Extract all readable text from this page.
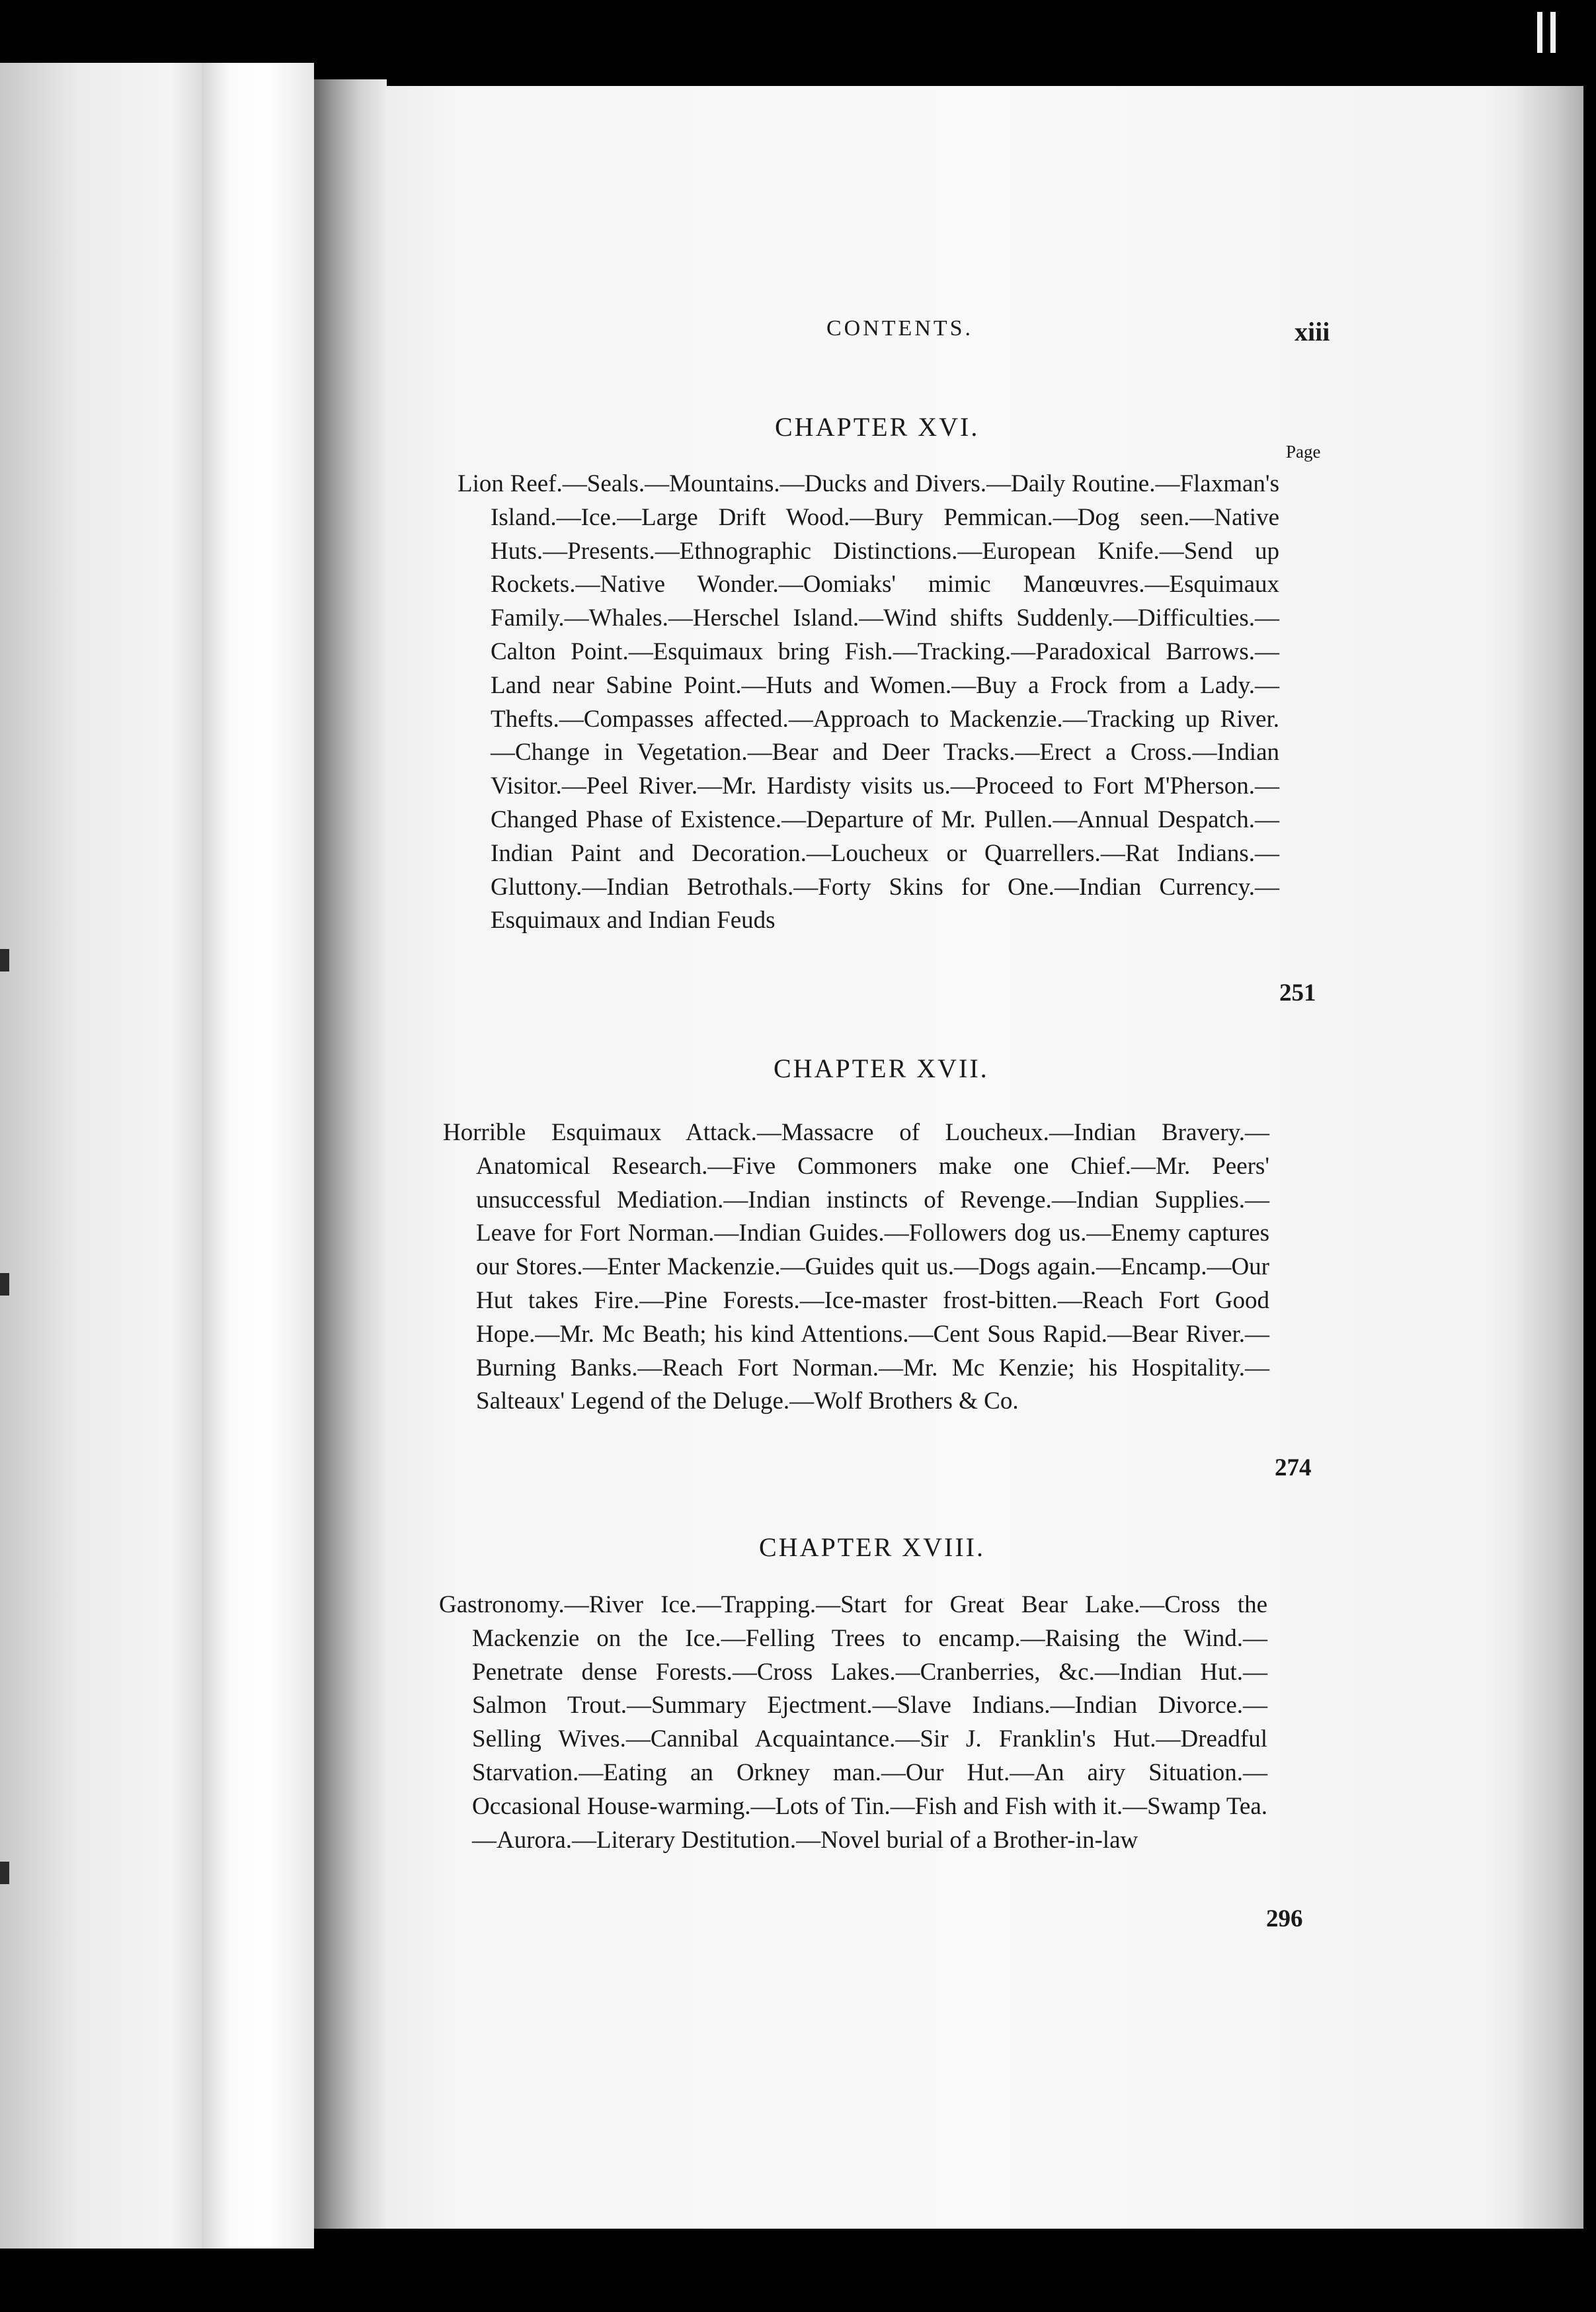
CONTENTS.	xiii
Page
CHAPTER XVI.
Lion Reef.—Seals.—Mountains.—Ducks and Divers.—Daily Routine.—Flaxman's Island.—Ice.—Large Drift Wood.—Bury Pemmican.—Dog seen.—Native Huts.—Presents.—Ethnographic Distinctions.—European Knife.—Send up Rockets.—Native Wonder.—Oomiaks' mimic Manœuvres.—Esquimaux Family.—Whales.—Herschel Island.—Wind shifts Suddenly.—Difficulties.—Calton Point.—Esquimaux bring Fish.—Tracking.—Paradoxical Barrows.—Land near Sabine Point.—Huts and Women.—Buy a Frock from a Lady.—Thefts.—Compasses affected.—Approach to Mackenzie.—Tracking up River.—Change in Vegetation.—Bear and Deer Tracks.—Erect a Cross.—Indian Visitor.—Peel River.—Mr. Hardisty visits us.—Proceed to Fort M'Pherson.—Changed Phase of Existence.—Departure of Mr. Pullen.—Annual Despatch.—Indian Paint and Decoration.—Loucheux or Quarrellers.—Rat Indians.—Gluttony.—Indian Betrothals.—Forty Skins for One.—Indian Currency.—Esquimaux and Indian Feuds
251
CHAPTER XVII.
Horrible Esquimaux Attack.—Massacre of Loucheux.—Indian Bravery.—Anatomical Research.—Five Commoners make one Chief.—Mr. Peers' unsuccessful Mediation.—Indian instincts of Revenge.—Indian Supplies.—Leave for Fort Norman.—Indian Guides.—Followers dog us.—Enemy captures our Stores.—Enter Mackenzie.—Guides quit us.—Dogs again.—Encamp.—Our Hut takes Fire.—Pine Forests.—Ice-master frost-bitten.—Reach Fort Good Hope.—Mr. Mc Beath; his kind Attentions.—Cent Sous Rapid.—Bear River.—Burning Banks.—Reach Fort Norman.—Mr. Mc Kenzie; his Hospitality.—Salteaux' Legend of the Deluge.—Wolf Brothers & Co.
274
CHAPTER XVIII.
Gastronomy.—River Ice.—Trapping.—Start for Great Bear Lake.—Cross the Mackenzie on the Ice.—Felling Trees to encamp.—Raising the Wind.—Penetrate dense Forests.—Cross Lakes.—Cranberries, &c.—Indian Hut.—Salmon Trout.—Summary Ejectment.—Slave Indians.—Indian Divorce.—Selling Wives.—Cannibal Acquaintance.—Sir J. Franklin's Hut.—Dreadful Starvation.—Eating an Orkney man.—Our Hut.—An airy Situation.—Occasional House-warming.—Lots of Tin.—Fish and Fish with it.—Swamp Tea.—Aurora.—Literary Destitution.—Novel burial of a Brother-in-law
296
